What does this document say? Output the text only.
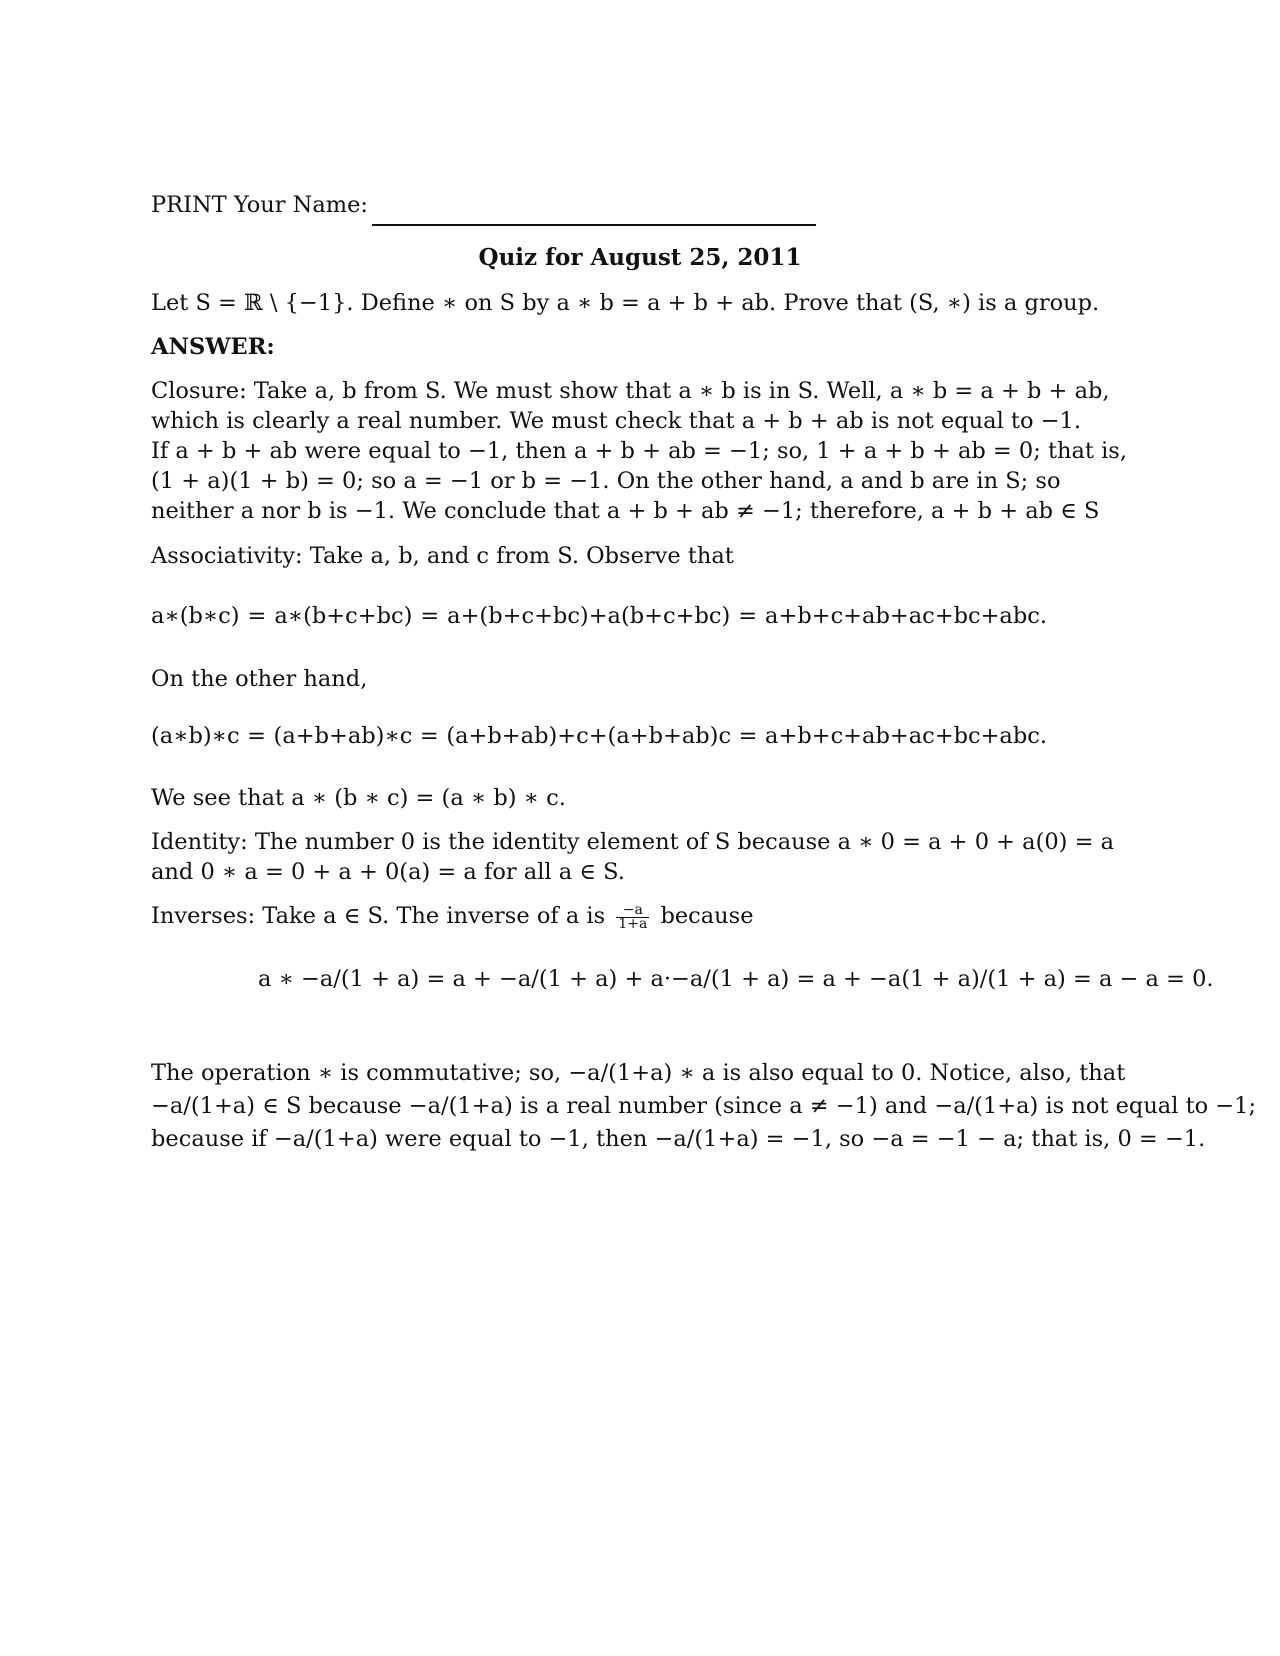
PRINT Your Name:
Quiz for August 25, 2011
Let S = ℝ \ {−1}. Define ∗ on S by a ∗ b = a + b + ab. Prove that (S, ∗) is a group.
ANSWER:
Closure: Take a, b from S. We must show that a ∗ b is in S. Well, a ∗ b = a + b + ab,
which is clearly a real number. We must check that a + b + ab is not equal to −1.
If a + b + ab were equal to −1, then a + b + ab = −1; so, 1 + a + b + ab = 0; that is,
(1 + a)(1 + b) = 0; so a = −1 or b = −1. On the other hand, a and b are in S; so
neither a nor b is −1. We conclude that a + b + ab ≠ −1; therefore, a + b + ab ∈ S
Associativity: Take a, b, and c from S. Observe that
a∗(b∗c) = a∗(b+c+bc) = a+(b+c+bc)+a(b+c+bc) = a+b+c+ab+ac+bc+abc.
On the other hand,
(a∗b)∗c = (a+b+ab)∗c = (a+b+ab)+c+(a+b+ab)c = a+b+c+ab+ac+bc+abc.
We see that a ∗ (b ∗ c) = (a ∗ b) ∗ c.
Identity: The number 0 is the identity element of S because a ∗ 0 = a + 0 + a(0) = a
and 0 ∗ a = 0 + a + 0(a) = a for all a ∈ S.
Inverses: Take a ∈ S. The inverse of a is $\frac{-a}{1+a}$ because
a ∗ −a/(1 + a) = a + −a/(1 + a) + a·−a/(1 + a) = a + −a(1 + a)/(1 + a) = a − a = 0.
The operation ∗ is commutative; so, −a/(1+a) ∗ a is also equal to 0. Notice, also, that
−a/(1+a) ∈ S because −a/(1+a) is a real number (since a ≠ −1) and −a/(1+a) is not equal to −1;
because if −a/(1+a) were equal to −1, then −a/(1+a) = −1, so −a = −1 − a; that is, 0 = −1.
